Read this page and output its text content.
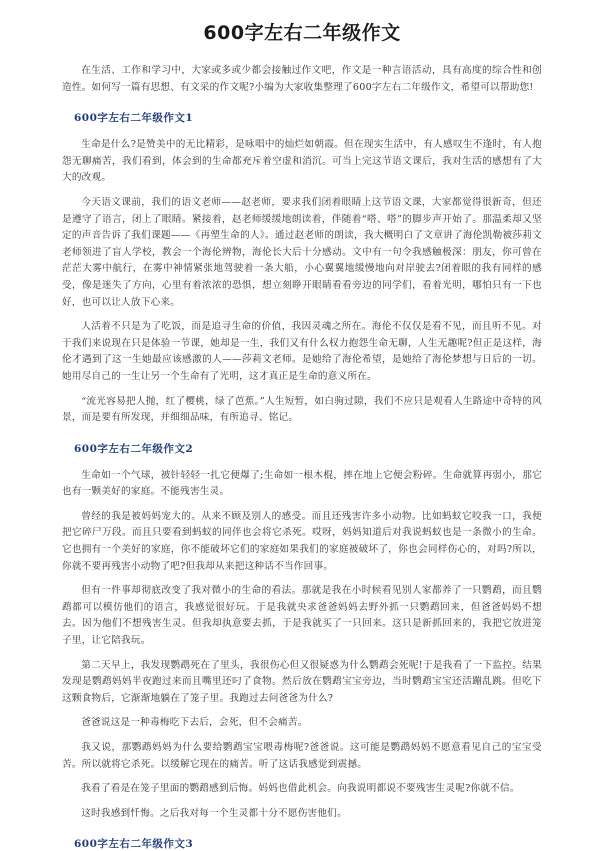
600字左右二年级作文

在生活、工作和学习中，大家或多或少都会接触过作文吧，作文是一种言语活动，具有高度的综合性和创造性。如何写一篇有思想、有文采的作文呢?小编为大家收集整理了600字左右二年级作文，希望可以帮助您!

600字左右二年级作文1

生命是什么?是赞美中的无比精彩，是咏唱中的灿烂如朝霞。但在现实生活中，有人感叹生不逢时，有人抱怨无聊痛苦，我们看到，体会到的生命都充斥着空虚和消沉。可当上完这节语文课后，我对生活的感想有了大大的改观。

今天语文课前，我们的语文老师——赵老师，要求我们闭着眼睛上这节语文课，大家都觉得很新奇，但还是遵守了语言，闭上了眼睛。紧接着，赵老师缓缓地朗读着，伴随着“嗒、嗒”的脚步声开始了。那温柔却又坚定的声音告诉了我们课题——《再塑生命的人》。通过赵老师的朗读，我大概明白了文章讲了海伦凯勒被莎莉文老师领进了盲人学校，教会一个海伦辨物，海伦长大后十分感动。文中有一句令我感触极深：朋友，你可曾在茫茫大雾中航行，在雾中神情紧张地驾驶着一条大船，小心翼翼地缓慢地向对岸驶去?闭着眼的我有同样的感受，像是迷失了方向，心里有着浓浓的恐惧，想立刻睁开眼睛看看旁边的同学们，看着光明，哪怕只有一下也好，也可以让人放下心来。

人活着不只是为了吃饭，而是追寻生命的价值，我因灵魂之所在。海伦不仅仅是看不见，而且听不见。对于我们来说现在只是体验一节课，她却是一生，我们又有什么权力抱怨生命无聊，人生无趣呢?但正是这样，海伦才遇到了这一生她最应该感激的人——莎莉文老师。是她给了海伦希望，是她给了海伦梦想与日后的一切。她用尽自己的一生让另一个生命有了光明，这才真正是生命的意义所在。

“流光容易把人抛，红了樱桃，绿了芭蕉。”人生短暂，如白驹过隙，我们不应只是观看人生路途中奇特的风景，而是要有所发现，并细细品味，有所追寻、铭记。

600字左右二年级作文2

生命如一个气球，被针轻轻一扎它便爆了;生命如一根木棍，摔在地上它便会粉碎。生命就算再弱小，那它也有一颗美好的家庭。不能残害生灵。

曾经的我是被妈妈宠大的。从来不顾及别人的感受。而且还残害许多小动物。比如蚂蚁它咬我一口，我便把它碎尸万段。而且只要看到蚂蚁的同伴也会将它杀死。哎呀，妈妈知道后对我说蚂蚁也是一条微小的生命。它也拥有一个美好的家庭，你不能破坏它们的家庭如果我们的家庭被破坏了，你也会同样伤心的，对吗?所以，你就不要再残害小动物了吧?但我却从来把这种话不当作回事。

但有一件事却彻底改变了我对微小的生命的看法。那就是我在小时候看见别人家都养了一只鹦鹉，而且鹦鹉都可以模仿他们的语言，我感觉很好玩。于是我就央求爸爸妈妈去野外抓一只鹦鹉回来，但爸爸妈妈不想去。因为他们不想残害生灵。但我却执意要去抓，于是我就买了一只回来。这只是新抓回来的，我把它放进笼子里，让它陪我玩。

第二天早上，我发现鹦鹉死在了里头，我很伤心但又很疑惑为什么鹦鹉会死呢!于是我看了一下监控。结果发现是鹦鹉妈妈半夜跑过来而且嘴里还叼了食物。然后放在鹦鹉宝宝旁边，当时鹦鹉宝宝还活蹦乱跳。但吃下这颗食物后，它渐渐地躺在了笼子里。我跑过去问爸爸为什么?

爸爸说这是一种毒梅吃下去后，会死，但不会痛苦。

我又说，那鹦鹉妈妈为什么要给鹦鹉宝宝喂毒梅呢?爸爸说。这可能是鹦鹉妈妈不愿意看见自己的宝宝受苦。所以就将它杀死。以缓解它现在的痛苦。听了这话我感觉到震撼。

我看了看是在笼子里面的鹦鹉感到后悔。妈妈也借此机会。向我说明都说不要残害生灵呢?你就不信。

这时我感到忏悔。之后我对每一个生灵都十分不愿伤害他们。

600字左右二年级作文3
